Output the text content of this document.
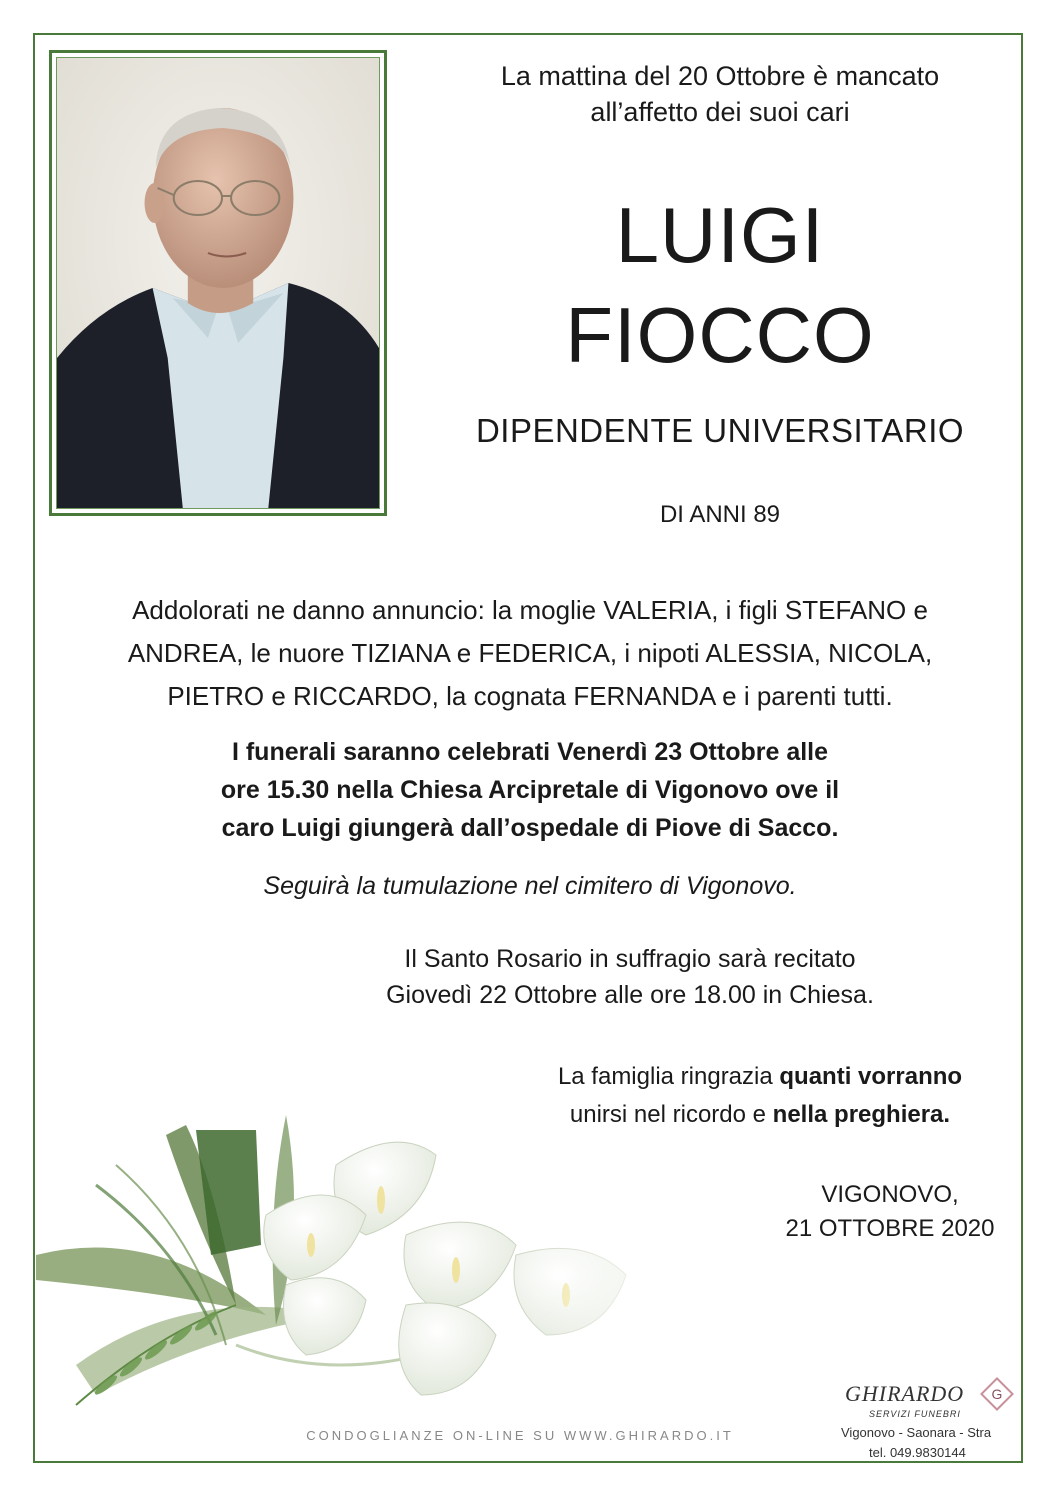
La mattina del 20 Ottobre è mancato
all’affetto dei suoi cari
LUIGI
FIOCCO
DIPENDENTE UNIVERSITARIO
DI ANNI 89
Addolorati ne danno annuncio: la moglie VALERIA, i figli STEFANO e
ANDREA, le nuore TIZIANA e FEDERICA, i nipoti ALESSIA, NICOLA,
PIETRO e RICCARDO, la cognata FERNANDA e i parenti tutti.
I funerali saranno celebrati Venerdì 23 Ottobre alle
ore 15.30 nella Chiesa Arcipretale di Vigonovo ove il
caro Luigi giungerà dall’ospedale di Piove di Sacco.
Seguirà la tumulazione nel cimitero di Vigonovo.
Il Santo Rosario in suffragio sarà recitato
Giovedì 22 Ottobre alle ore 18.00 in Chiesa.
La famiglia ringrazia quanti vorranno
unirsi nel ricordo e nella preghiera.
VIGONOVO,
21 OTTOBRE 2020
CONDOGLIANZE ON-LINE SU WWW.GHIRARDO.IT
GHIRARDO
SERVIZI FUNEBRI
G
Vigonovo - Saonara - Stra
tel. 049.9830144
